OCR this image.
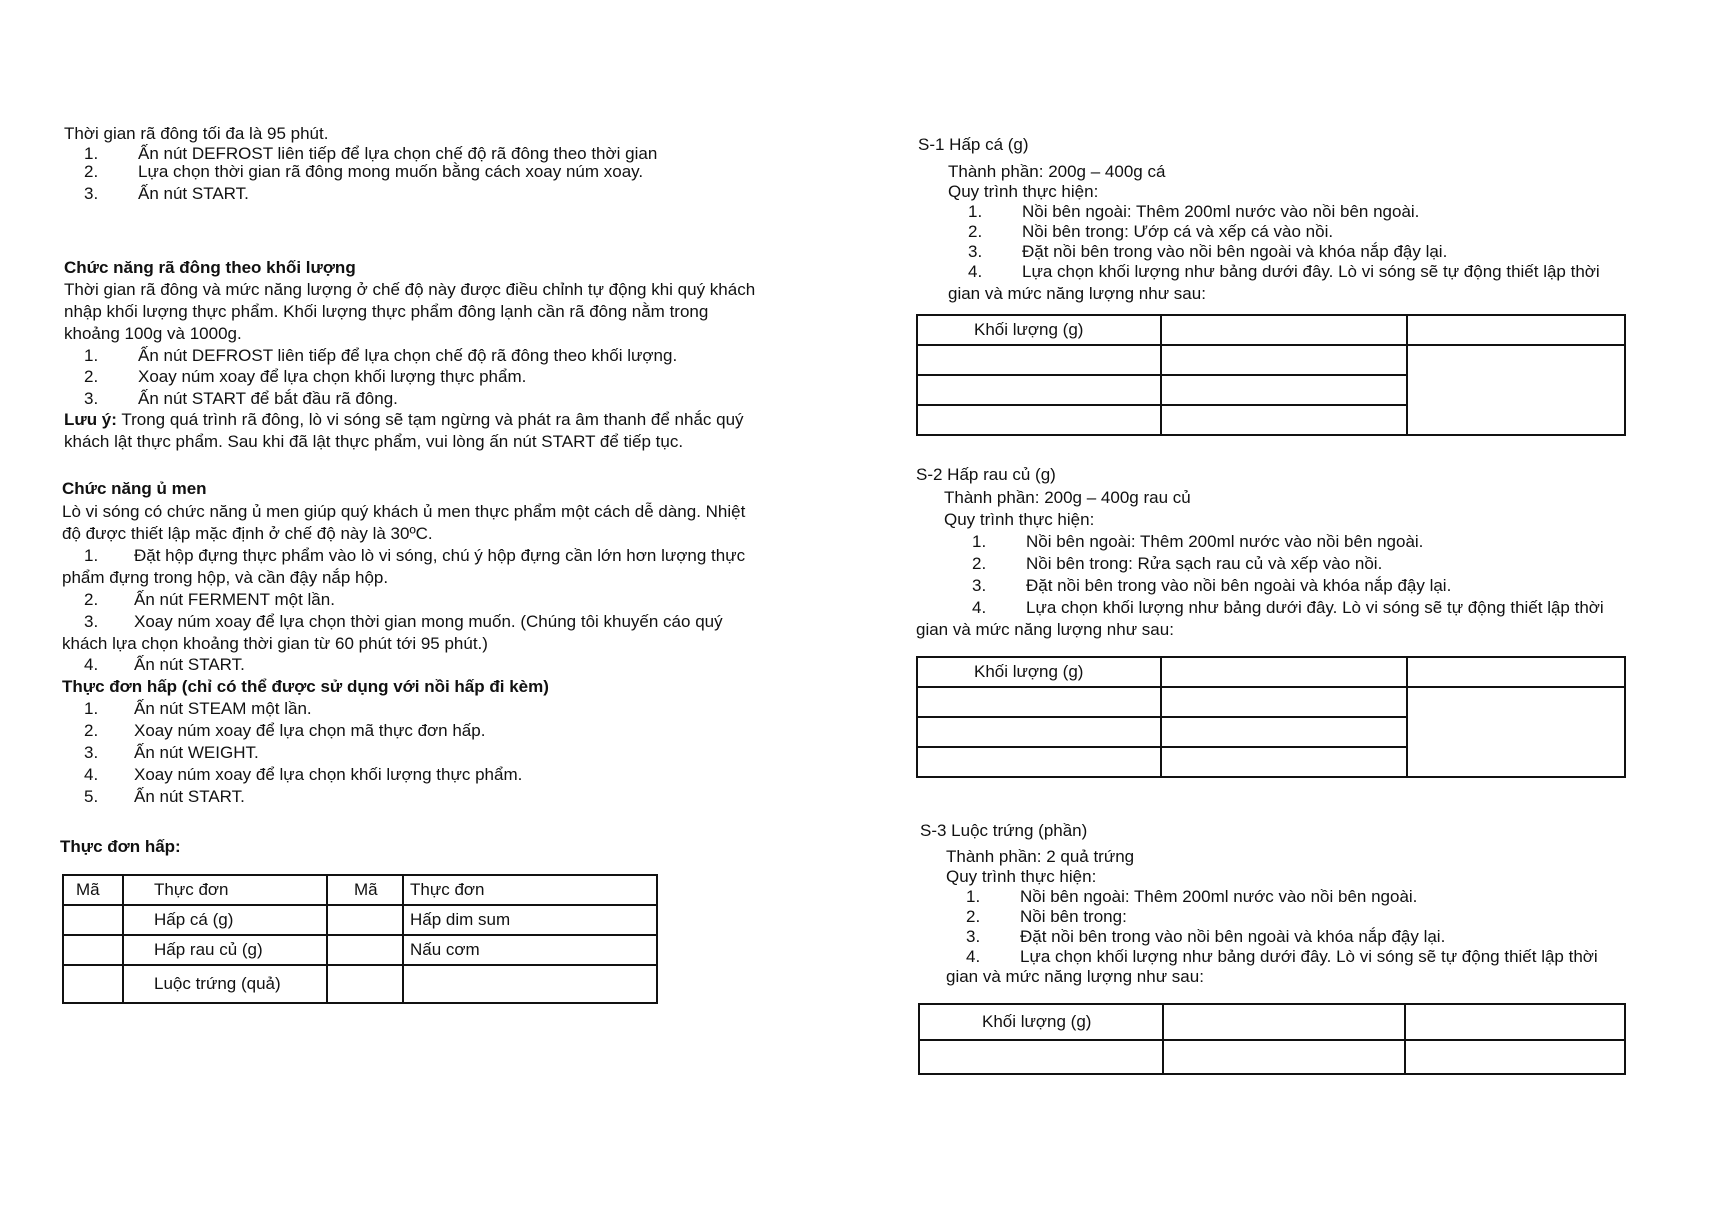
Thời gian rã đông tối đa là 95 phút.
1. Ấn nút DEFROST liên tiếp để lựa chọn chế độ rã đông theo thời gian
2. Lựa chọn thời gian rã đông mong muốn bằng cách xoay núm xoay.
3. Ấn nút START.
Chức năng rã đông theo khối lượng
Thời gian rã đông và mức năng lượng ở chế độ này được điều chỉnh tự động khi quý khách
nhập khối lượng thực phẩm. Khối lượng thực phẩm đông lạnh cần rã đông nằm trong
khoảng 100g và 1000g.
1. Ấn nút DEFROST liên tiếp để lựa chọn chế độ rã đông theo khối lượng.
2. Xoay núm xoay để lựa chọn khối lượng thực phẩm.
3. Ấn nút START để bắt đầu rã đông.
Lưu ý: Trong quá trình rã đông, lò vi sóng sẽ tạm ngừng và phát ra âm thanh để nhắc quý
khách lật thực phẩm. Sau khi đã lật thực phẩm, vui lòng ấn nút START để tiếp tục.
Chức năng ủ men
Lò vi sóng có chức năng ủ men giúp quý khách ủ men thực phẩm một cách dễ dàng. Nhiệt
độ được thiết lập mặc định ở chế độ này là 30ºC.
1. Đặt hộp đựng thực phẩm vào lò vi sóng, chú ý hộp đựng cần lớn hơn lượng thực
phẩm đựng trong hộp, và cần đậy nắp hộp.
2. Ấn nút FERMENT một lần.
3. Xoay núm xoay để lựa chọn thời gian mong muốn. (Chúng tôi khuyến cáo quý
khách lựa chọn khoảng thời gian từ 60 phút tới 95 phút.)
4. Ấn nút START.
Thực đơn hấp (chỉ có thể được sử dụng với nồi hấp đi kèm)
1. Ấn nút STEAM một lần.
2. Xoay núm xoay để lựa chọn mã thực đơn hấp.
3. Ấn nút WEIGHT.
4. Xoay núm xoay để lựa chọn khối lượng thực phẩm.
5. Ấn nút START.
Thực đơn hấp:
Mã	Thực đơn	Mã	Thực đơn
	Hấp cá (g)		Hấp dim sum
	Hấp rau củ (g)		Nấu cơm
	Luộc trứng (quả)		
S-1 Hấp cá (g)
Thành phần: 200g – 400g cá
Quy trình thực hiện:
1. Nồi bên ngoài: Thêm 200ml nước vào nồi bên ngoài.
2. Nồi bên trong: Ướp cá và xếp cá vào nồi.
3. Đặt nồi bên trong vào nồi bên ngoài và khóa nắp đậy lại.
4. Lựa chọn khối lượng như bảng dưới đây. Lò vi sóng sẽ tự động thiết lập thời
gian và mức năng lượng như sau:
Khối lượng (g)		

S-2 Hấp rau củ (g)
Thành phần: 200g – 400g rau củ
Quy trình thực hiện:
1. Nồi bên ngoài: Thêm 200ml nước vào nồi bên ngoài.
2. Nồi bên trong: Rửa sạch rau củ và xếp vào nồi.
3. Đặt nồi bên trong vào nồi bên ngoài và khóa nắp đậy lại.
4. Lựa chọn khối lượng như bảng dưới đây. Lò vi sóng sẽ tự động thiết lập thời
gian và mức năng lượng như sau:
Khối lượng (g)		

S-3 Luộc trứng (phần)
Thành phần: 2 quả trứng
Quy trình thực hiện:
1. Nồi bên ngoài: Thêm 200ml nước vào nồi bên ngoài.
2. Nồi bên trong:
3. Đặt nồi bên trong vào nồi bên ngoài và khóa nắp đậy lại.
4. Lựa chọn khối lượng như bảng dưới đây. Lò vi sóng sẽ tự động thiết lập thời
gian và mức năng lượng như sau:
Khối lượng (g)		
